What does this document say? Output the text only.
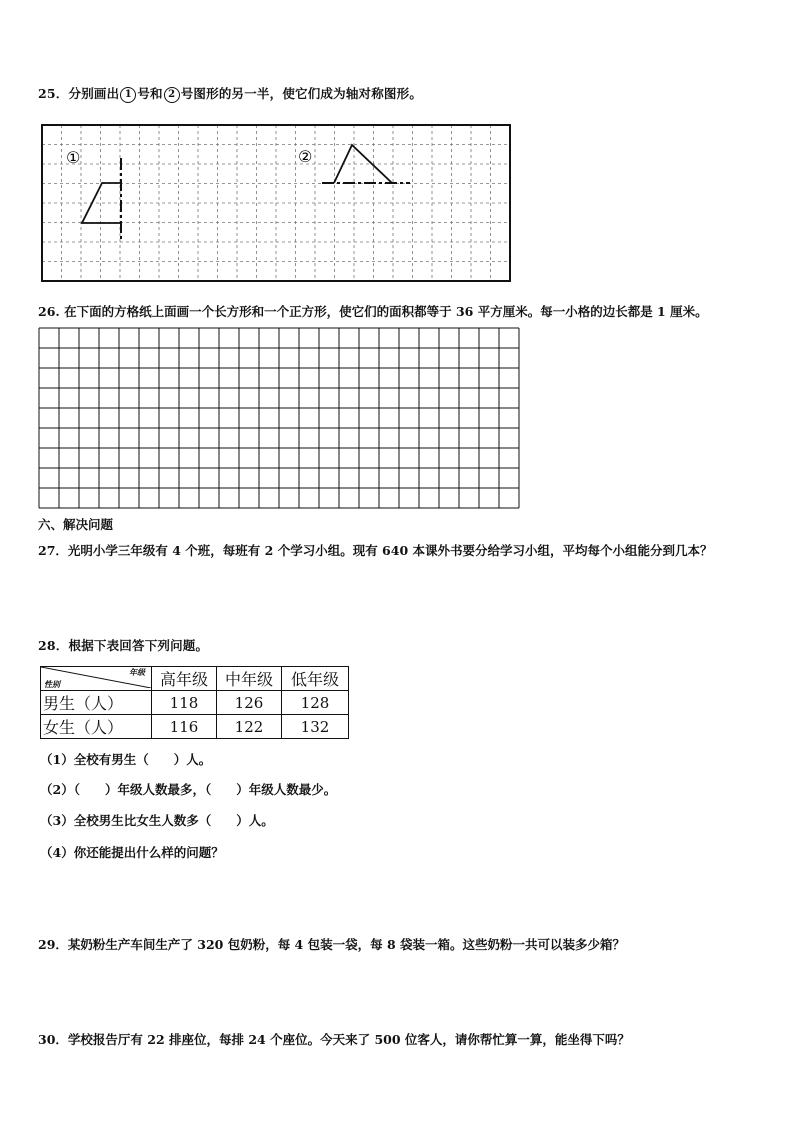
25．分别画出 1 号和 2 号图形的另一半，使它们成为轴对称图形。
①	②
26. 在下面的方格纸上面画一个长方形和一个正方形，使它们的面积都等于 36 平方厘米。每一小格的边长都是 1 厘米。
六、解决问题
27．光明小学三年级有 4 个班，每班有 2 个学习小组。现有 640 本课外书要分给学习小组，平均每个小组能分到几本？
28．根据下表回答下列问题。
年级
性别	高年级	中年级	低年级
男生（人）	118	126	128
女生（人）	116	122	132
（1）全校有男生（　　）人。
（2）（　　）年级人数最多，（　　）年级人数最少。
（3）全校男生比女生人数多（　　）人。
（4）你还能提出什么样的问题？
29．某奶粉生产车间生产了 320 包奶粉，每 4 包装一袋，每 8 袋装一箱。这些奶粉一共可以装多少箱？
30．学校报告厅有 22 排座位，每排 24 个座位。今天来了 500 位客人，请你帮忙算一算，能坐得下吗？
